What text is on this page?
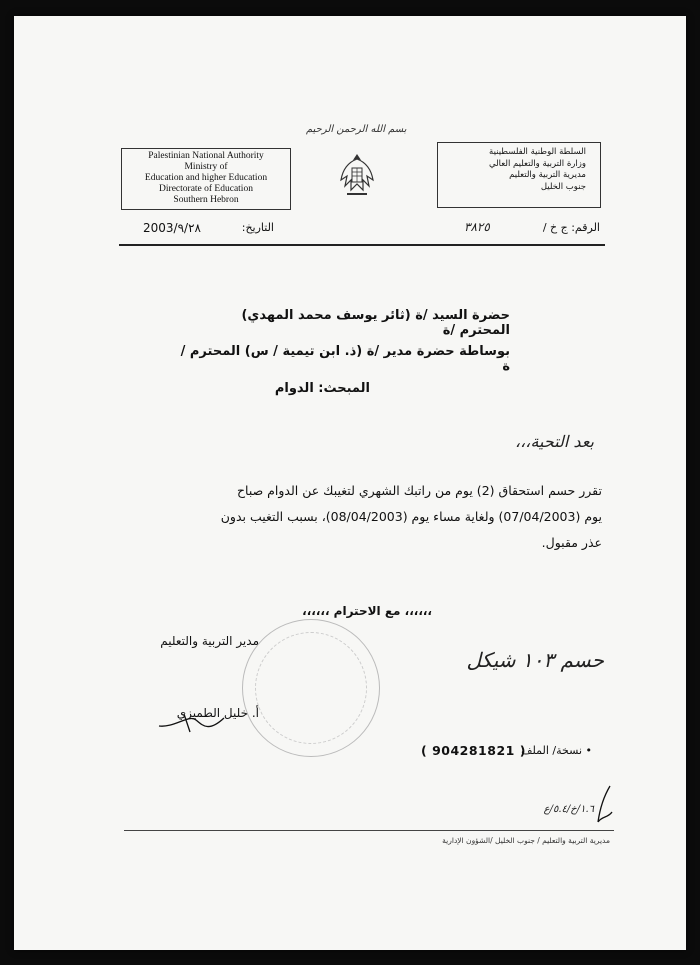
Palestinian National Authority
Ministry of
Education and higher Education
Directorate of Education
Southern Hebron
بسم الله الرحمن الرحيم
السلطة الوطنية الفلسطينية
وزارة التربية والتعليم العالي
مديرية التربية والتعليم
جنوب الخليل
2003/٩/٢٨	التاريخ:	٣٨٢٥	الرقم: ج خ /
حضرة السيد /ة (ثائر يوسف محمد المهدي) المحترم /ة
بوساطة حضرة مدير /ة (ذ. ابن تيمية / س) المحترم /ة
المبحث: الدوام
بعد التحية،،،
تقرر حسم استحقاق (2) يوم من راتبك الشهري لتغيبك عن الدوام صباح
يوم (07/04/2003) ولغاية مساء يوم (08/04/2003)، بسبب التغيب بدون
عذر مقبول.
،،،،،، مع الاحترام ،،،،،،
مدير التربية والتعليم
أ. خليل الطميزي
حسم ١٠٣ شيكل
• نسخة/ الملف
( 904281821 )
١.٦/خ/٥.٤/ع
مديرية التربية والتعليم / جنوب الخليل /الشؤون الإدارية
